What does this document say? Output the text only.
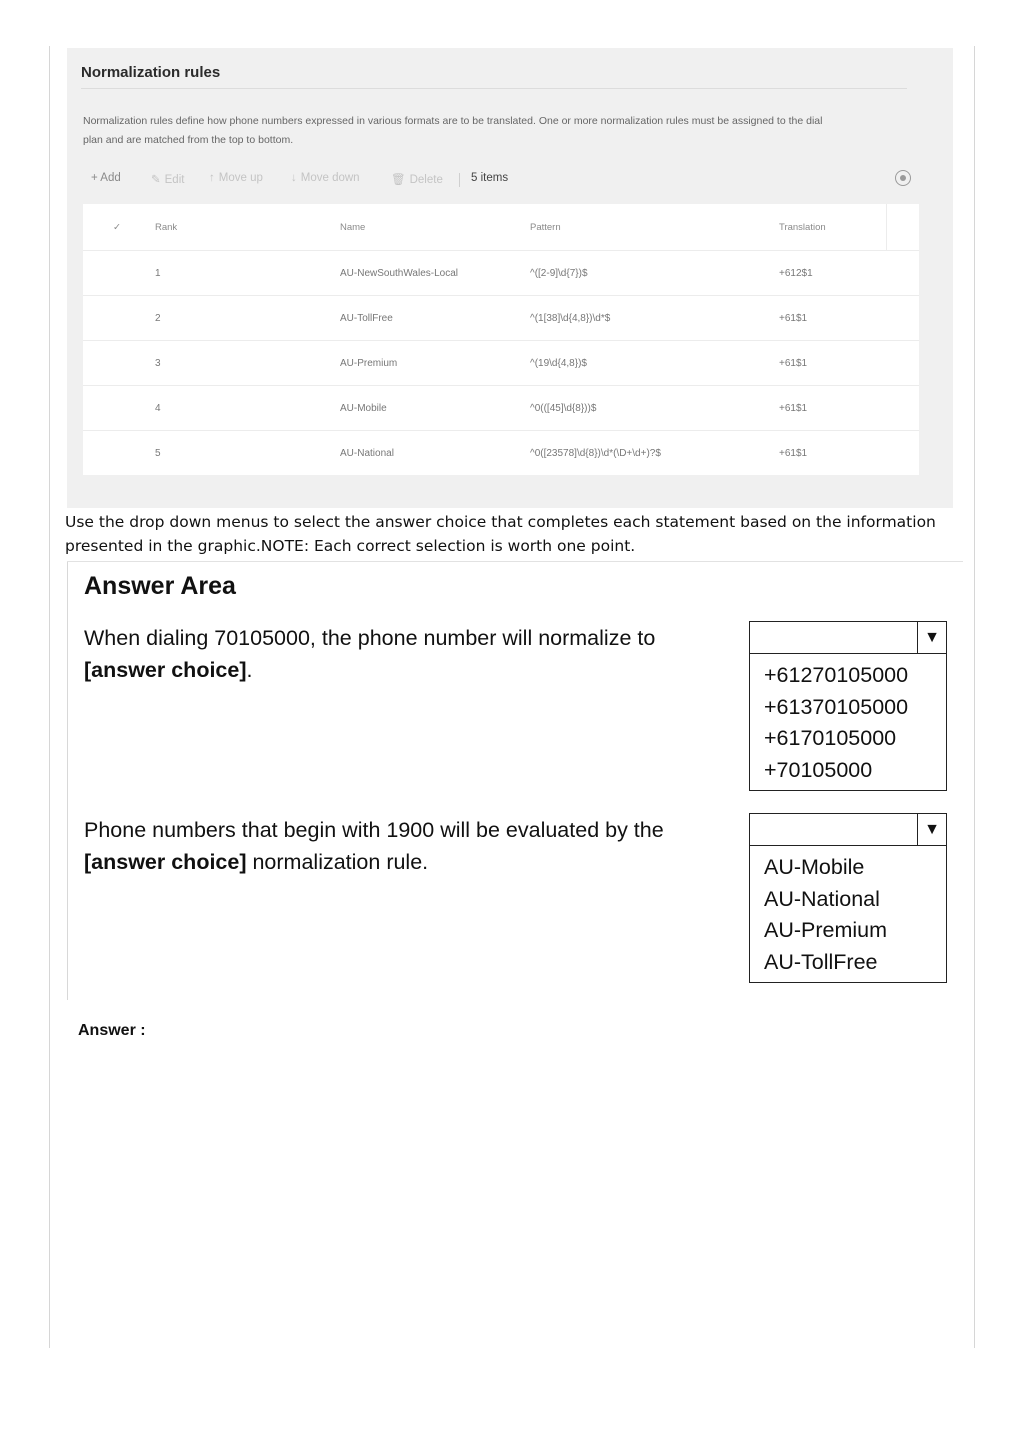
Normalization rules
Normalization rules define how phone numbers expressed in various formats are to be translated. One or more normalization rules must be assigned to the dial plan and are matched from the top to bottom.
+ Add	✎ Edit ↑ Move up ↓ Move down	🗑 Delete 5 items
✓	Rank	Name	Pattern	Translation
1	AU-NewSouthWales-Local	^([2-9]\d{7})$	+612$1
2	AU-TollFree	^(1[38]\d{4,8})\d*$	+61$1
3	AU-Premium	^(19\d{4,8})$	+61$1
4	AU-Mobile	^0(([45]\d{8}))$	+61$1
5	AU-National	^0([23578]\d{8})\d*(\D+\d+)?$	+61$1
Use the drop down menus to select the answer choice that completes each statement based on the information presented in the graphic.NOTE: Each correct selection is worth one point.
Answer Area
When dialing 70105000, the phone number will normalize to [answer choice].
▼
+61270105000
+61370105000
+6170105000
+70105000
Phone numbers that begin with 1900 will be evaluated by the [answer choice] normalization rule.
▼
AU-Mobile
AU-National
AU-Premium
AU-TollFree
Answer :
